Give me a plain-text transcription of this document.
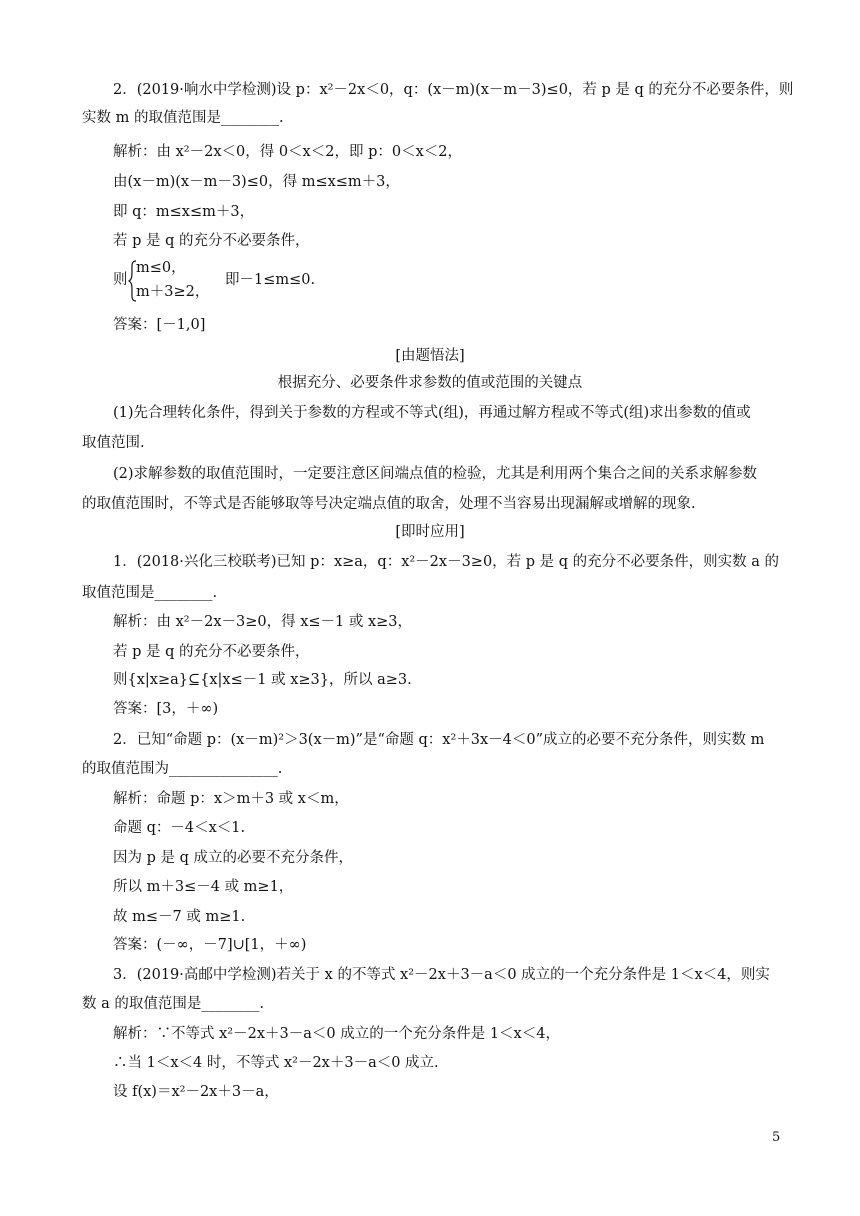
2．(2019·响水中学检测)设 p：x²－2x＜0，q：(x－m)(x－m－3)≤0，若 p 是 q 的充分不必要条件，则
实数 m 的取值范围是________.
解析：由 x²－2x＜0，得 0＜x＜2，即 p：0＜x＜2，
由(x－m)(x－m－3)≤0，得 m≤x≤m＋3，
即 q：m≤x≤m＋3，
若 p 是 q 的充分不必要条件，
则
m≤0，
m＋3≥2，
即－1≤m≤0.
答案：[－1,0]
[由题悟法]
根据充分、必要条件求参数的值或范围的关键点
(1)先合理转化条件，得到关于参数的方程或不等式(组)，再通过解方程或不等式(组)求出参数的值或
取值范围.
(2)求解参数的取值范围时，一定要注意区间端点值的检验，尤其是利用两个集合之间的关系求解参数
的取值范围时，不等式是否能够取等号决定端点值的取舍，处理不当容易出现漏解或增解的现象.
[即时应用]
1．(2018·兴化三校联考)已知 p：x≥a，q：x²－2x－3≥0，若 p 是 q 的充分不必要条件，则实数 a 的
取值范围是________.
解析：由 x²－2x－3≥0，得 x≤－1 或 x≥3，
若 p 是 q 的充分不必要条件，
则{x|x≥a}⊆{x|x≤－1 或 x≥3}，所以 a≥3.
答案：[3，＋∞)
2．已知“命题 p：(x－m)²＞3(x－m)”是“命题 q：x²＋3x－4＜0”成立的必要不充分条件，则实数 m
的取值范围为_______________.
解析：命题 p：x＞m＋3 或 x＜m，
命题 q：－4＜x＜1.
因为 p 是 q 成立的必要不充分条件，
所以 m＋3≤－4 或 m≥1，
故 m≤－7 或 m≥1.
答案：(－∞，－7]∪[1，＋∞)
3．(2019·高邮中学检测)若关于 x 的不等式 x²－2x＋3－a＜0 成立的一个充分条件是 1＜x＜4，则实
数 a 的取值范围是________.
解析：∵不等式 x²－2x＋3－a＜0 成立的一个充分条件是 1＜x＜4，
∴当 1＜x＜4 时，不等式 x²－2x＋3－a＜0 成立.
设 f(x)＝x²－2x＋3－a，
5
